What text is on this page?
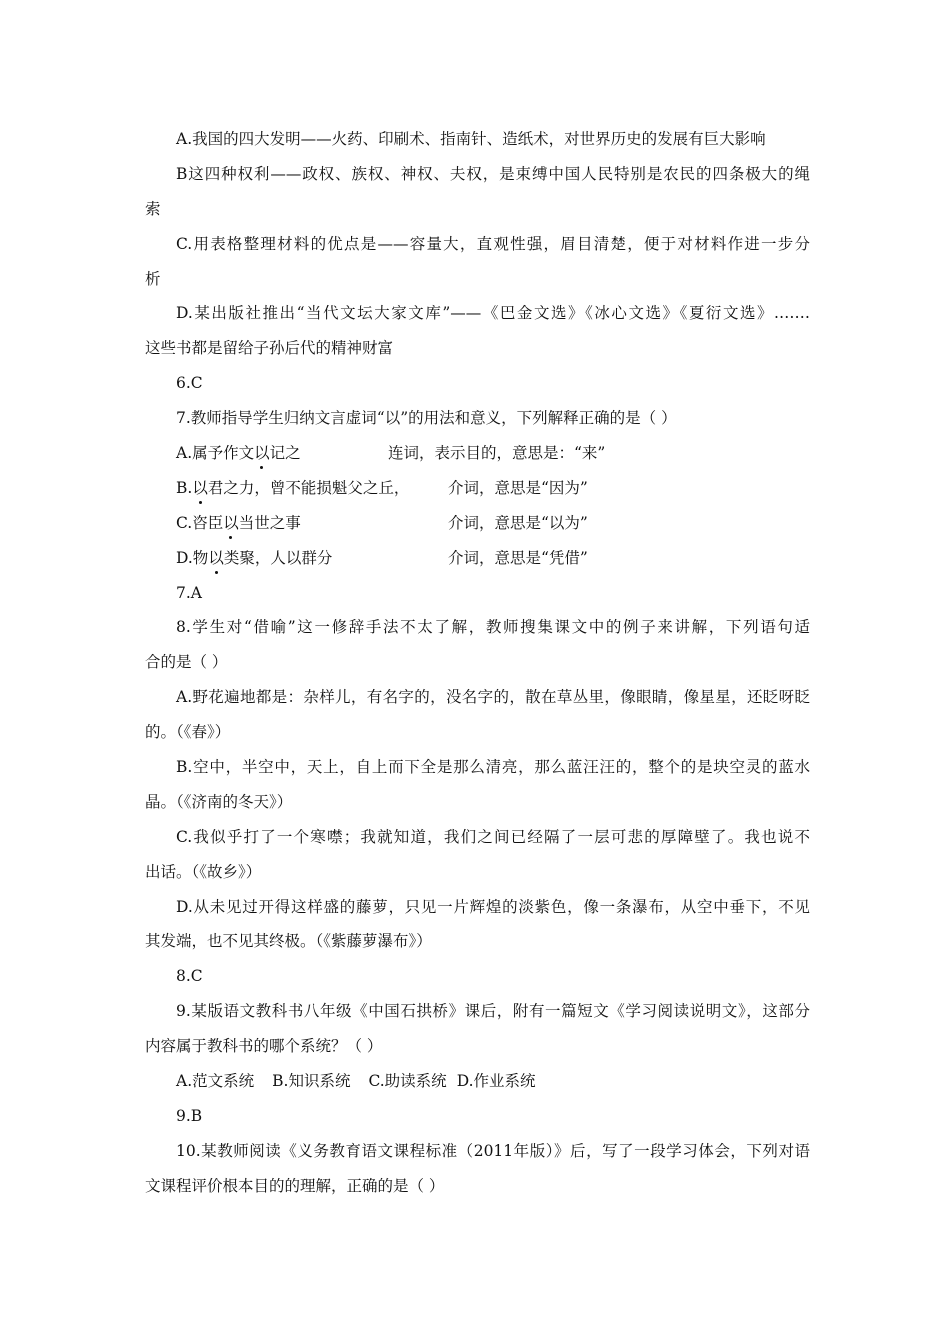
A.我国的四大发明——火药、印刷术、指南针、造纸术，对世界历史的发展有巨大影响
B这四种权利——政权、族权、神权、夫权，是束缚中国人民特别是农民的四条极大的绳
索
C.用表格整理材料的优点是——容量大，直观性强，眉目清楚，便于对材料作进一步分
析
D.某出版社推出“当代文坛大家文库”——《巴金文选》《冰心文选》《夏衍文选》.……
这些书都是留给子孙后代的精神财富
6.C
7.教师指导学生归纳文言虚词“以”的用法和意义，下列解释正确的是（ ）
A.属予作文以记之	连词，表示目的，意思是：“来”
B.以君之力，曾不能损魁父之丘，	介词，意思是“因为”
C.咨臣以当世之事	介词，意思是“以为”
D.物以类聚，人以群分	介词，意思是“凭借”
7.A
8.学生对“借喻”这一修辞手法不太了解，教师搜集课文中的例子来讲解，下列语句适
合的是（ ）
A.野花遍地都是：杂样儿，有名字的，没名字的，散在草丛里，像眼睛，像星星，还眨呀眨
的。（《春》）
B.空中，半空中，天上，自上而下全是那么清亮，那么蓝汪汪的，整个的是块空灵的蓝水
晶。（《济南的冬天》）
C.我似乎打了一个寒噤；我就知道，我们之间已经隔了一层可悲的厚障壁了。我也说不
出话。（《故乡》）
D.从未见过开得这样盛的藤萝，只见一片辉煌的淡紫色，像一条瀑布，从空中垂下，不见
其发端，也不见其终极。（《紫藤萝瀑布》）
8.C
9.某版语文教科书八年级《中国石拱桥》课后，附有一篇短文《学习阅读说明文》，这部分
内容属于教科书的哪个系统？（ ）
A.范文系统 B.知识系统 C.助读系统 D.作业系统
9.B
10.某教师阅读《义务教育语文课程标准（2011年版）》后，写了一段学习体会，下列对语
文课程评价根本目的的理解，正确的是（ ）
